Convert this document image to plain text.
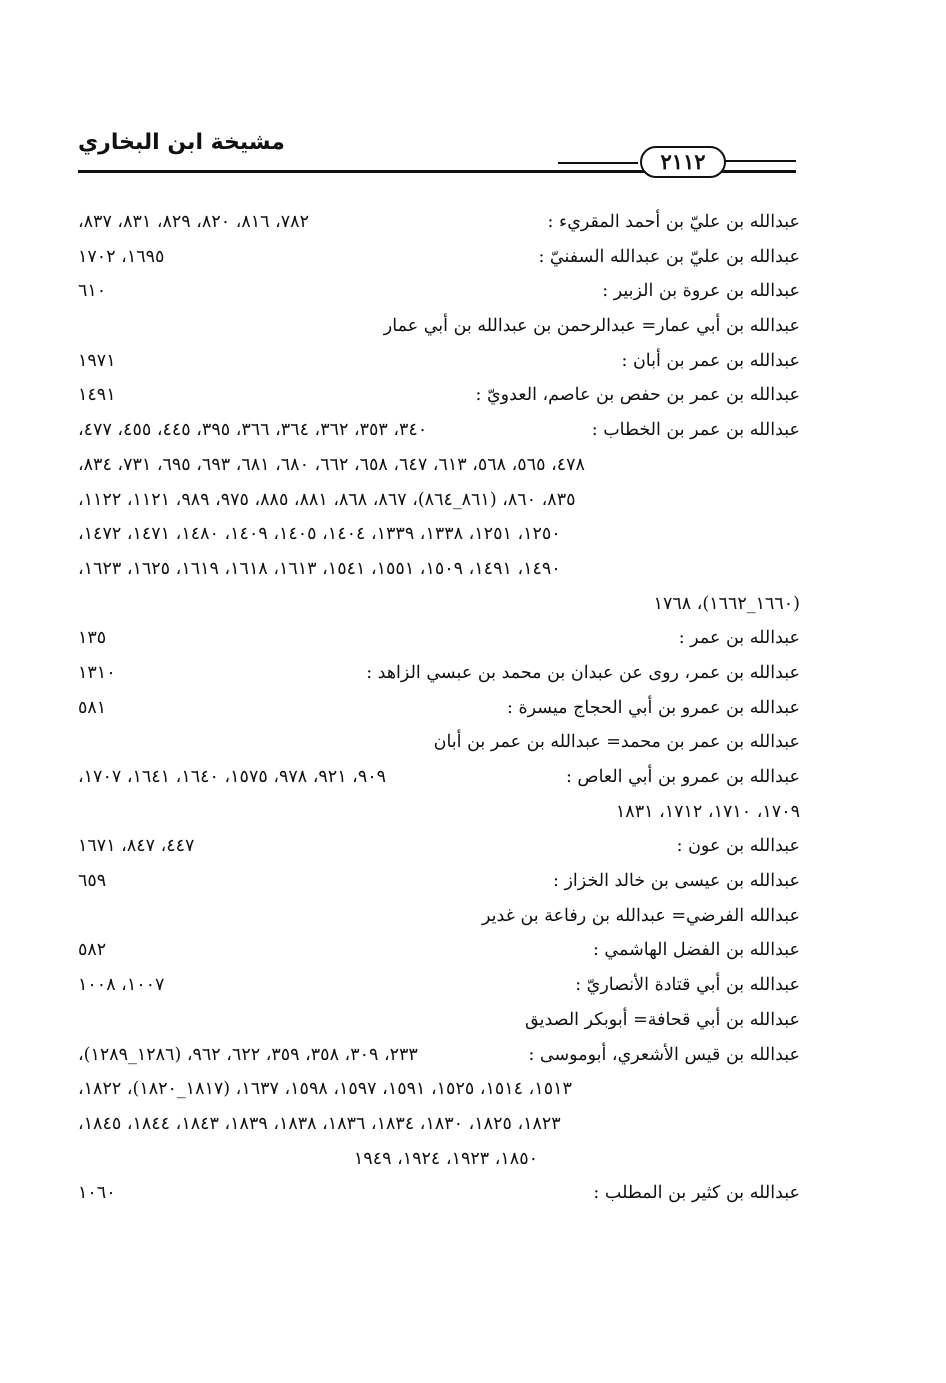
مشيخة ابن البخاري
٢١١٢
عبدالله بن عليّ بن أحمد المقريء :
٧٨٢، ٨١٦، ٨٢٠، ٨٢٩، ٨٣١، ٨٣٧،
عبدالله بن عليّ بن عبدالله السفنيّ :
١٦٩٥، ١٧٠٢
عبدالله بن عروة بن الزبير :
٦١٠
عبدالله بن أبي عمار= عبدالرحمن بن عبدالله بن أبي عمار
عبدالله بن عمر بن أبان :
١٩٧١
عبدالله بن عمر بن حفص بن عاصم، العدويّ :
١٤٩١
عبدالله بن عمر بن الخطاب :
٣٤٠، ٣٥٣، ٣٦٢، ٣٦٤، ٣٦٦، ٣٩٥، ٤٤٥، ٤٥٥، ٤٧٧،
٤٧٨، ٥٦٥، ٥٦٨، ٦١٣، ٦٤٧، ٦٥٨، ٦٦٢، ٦٨٠، ٦٨١، ٦٩٣، ٦٩٥، ٧٣١، ٨٣٤،
٨٣٥، ٨٦٠، (٨٦١_٨٦٤)، ٨٦٧، ٨٦٨، ٨٨١، ٨٨٥، ٩٧٥، ٩٨٩، ١١٢١، ١١٢٢،
١٢٥٠، ١٢٥١، ١٣٣٨، ١٣٣٩، ١٤٠٤، ١٤٠٥، ١٤٠٩، ١٤٨٠، ١٤٧١، ١٤٧٢،
١٤٩٠، ١٤٩١، ١٥٠٩، ١٥٥١، ١٥٤١، ١٦١٣، ١٦١٨، ١٦١٩، ١٦٢٥، ١٦٢٣،
(١٦٦٠_١٦٦٢)، ١٧٦٨
عبدالله بن عمر :
١٣٥
عبدالله بن عمر، روى عن عبدان بن محمد بن عبسي الزاهد :
١٣١٠
عبدالله بن عمرو بن أبي الحجاج ميسرة :
٥٨١
عبدالله بن عمر بن محمد= عبدالله بن عمر بن أبان
عبدالله بن عمرو بن أبي العاص :
٩٠٩، ٩٢١، ٩٧٨، ١٥٧٥، ١٦٤٠، ١٦٤١، ١٧٠٧،
١٧٠٩، ١٧١٠، ١٧١٢، ١٨٣١
عبدالله بن عون :
٤٤٧، ٨٤٧، ١٦٧١
عبدالله بن عيسى بن خالد الخزاز :
٦٥٩
عبدالله الفرضي= عبدالله بن رفاعة بن غدير
عبدالله بن الفضل الهاشمي :
٥٨٢
عبدالله بن أبي قتادة الأنصاريّ :
١٠٠٧، ١٠٠٨
عبدالله بن أبي قحافة= أبوبكر الصديق
عبدالله بن قيس الأشعري، أبوموسى :
٢٣٣، ٣٠٩، ٣٥٨، ٣٥٩، ٦٢٢، ٩٦٢، (١٢٨٦_١٢٨٩)،
١٥١٣، ١٥١٤، ١٥٢٥، ١٥٩١، ١٥٩٧، ١٥٩٨، ١٦٣٧، (١٨١٧_١٨٢٠)، ١٨٢٢،
١٨٢٣، ١٨٢٥، ١٨٣٠، ١٨٣٤، ١٨٣٦، ١٨٣٨، ١٨٣٩، ١٨٤٣، ١٨٤٤، ١٨٤٥،
١٨٥٠، ١٩٢٣، ١٩٢٤، ١٩٤٩
عبدالله بن كثير بن المطلب :
١٠٦٠
